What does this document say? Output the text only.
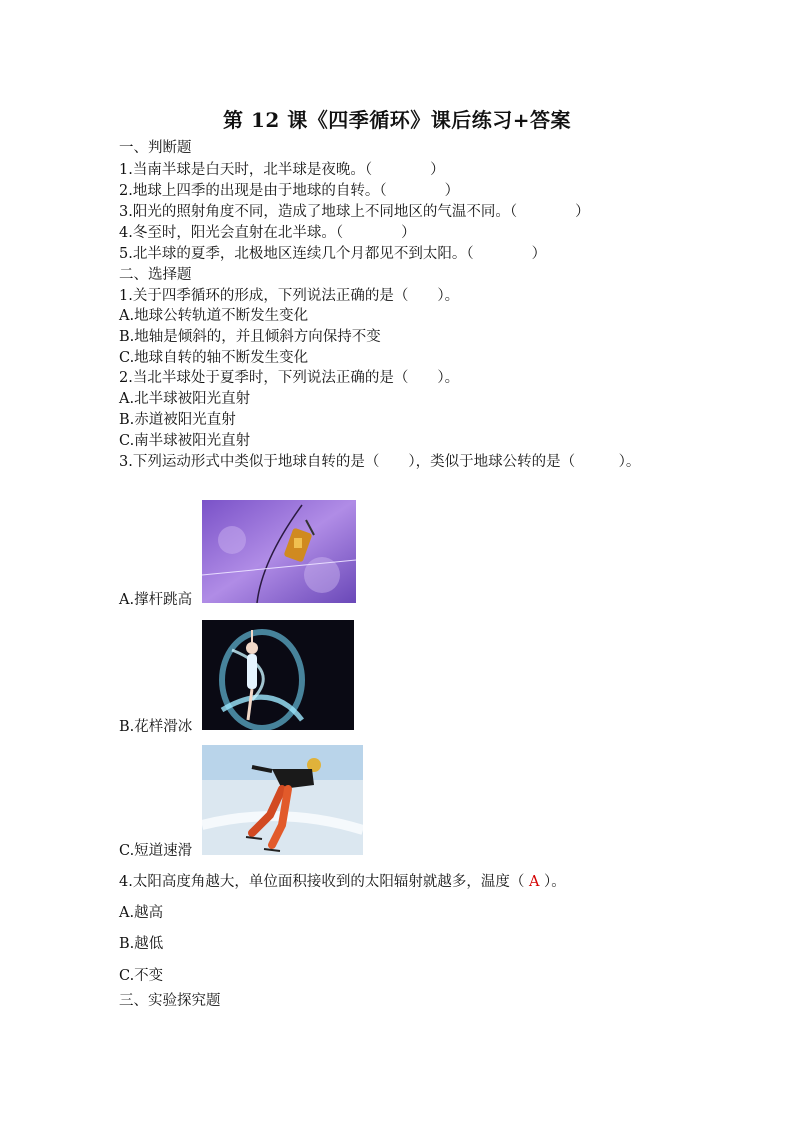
第 12 课《四季循环》课后练习+答案
一、判断题
1.当南半球是白天时，北半球是夜晚。（　　　　）
2.地球上四季的出现是由于地球的自转。（　　　　）
3.阳光的照射角度不同，造成了地球上不同地区的气温不同。（　　　　）
4.冬至时，阳光会直射在北半球。（　　　　）
5.北半球的夏季，北极地区连续几个月都见不到太阳。（　　　　）
二、选择题
1.关于四季循环的形成，下列说法正确的是（　　）。
A.地球公转轨道不断发生变化
B.地轴是倾斜的，并且倾斜方向保持不变
C.地球自转的轴不断发生变化
2.当北半球处于夏季时，下列说法正确的是（　　）。
A.北半球被阳光直射
B.赤道被阳光直射
C.南半球被阳光直射
3.下列运动形式中类似于地球自转的是（　　），类似于地球公转的是（　　　）。
A.撑杆跳高
B.花样滑冰
C.短道速滑
4.太阳高度角越大，单位面积接收到的太阳辐射就越多，温度（ A ）。
A.越高
B.越低
C.不变
三、实验探究题
